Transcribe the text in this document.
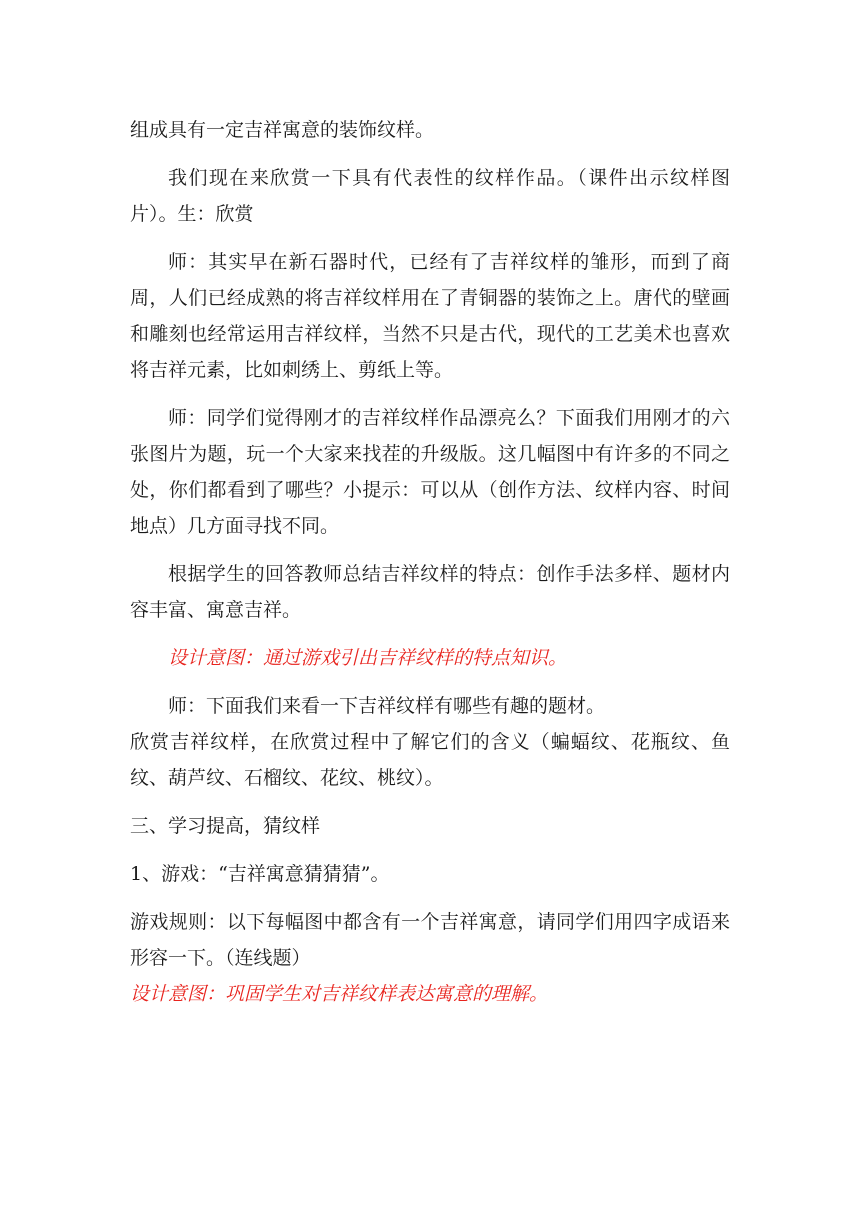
组成具有一定吉祥寓意的装饰纹样。

我们现在来欣赏一下具有代表性的纹样作品。（课件出示纹样图片）。生：欣赏

师：其实早在新石器时代，已经有了吉祥纹样的雏形，而到了商周，人们已经成熟的将吉祥纹样用在了青铜器的装饰之上。唐代的壁画和雕刻也经常运用吉祥纹样，当然不只是古代，现代的工艺美术也喜欢将吉祥元素，比如刺绣上、剪纸上等。

师：同学们觉得刚才的吉祥纹样作品漂亮么？下面我们用刚才的六张图片为题，玩一个大家来找茬的升级版。这几幅图中有许多的不同之处，你们都看到了哪些？小提示：可以从（创作方法、纹样内容、时间地点）几方面寻找不同。

根据学生的回答教师总结吉祥纹样的特点：创作手法多样、题材内容丰富、寓意吉祥。

设计意图：通过游戏引出吉祥纹样的特点知识。

师：下面我们来看一下吉祥纹样有哪些有趣的题材。

欣赏吉祥纹样，在欣赏过程中了解它们的含义（蝙蝠纹、花瓶纹、鱼纹、葫芦纹、石榴纹、花纹、桃纹）。

三、学习提高，猜纹样

1、游戏：“吉祥寓意猜猜猜”。

游戏规则：以下每幅图中都含有一个吉祥寓意，请同学们用四字成语来形容一下。（连线题）

设计意图：巩固学生对吉祥纹样表达寓意的理解。
